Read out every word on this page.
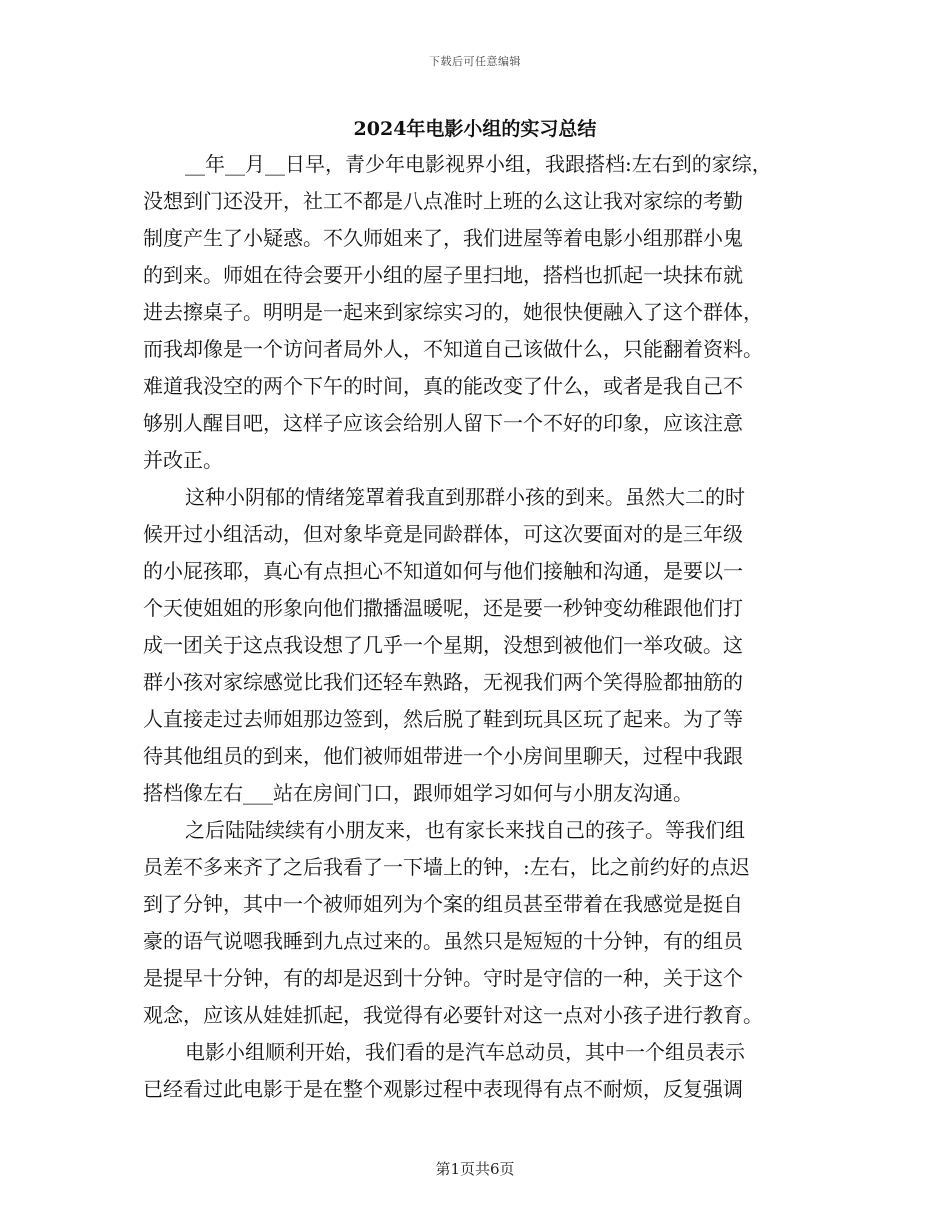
下载后可任意编辑
2024年电影小组的实习总结
__年__月__日早，青少年电影视界小组，我跟搭档:左右到的家综，
没想到门还没开，社工不都是八点准时上班的么这让我对家综的考勤
制度产生了小疑惑。不久师姐来了，我们进屋等着电影小组那群小鬼
的到来。师姐在待会要开小组的屋子里扫地，搭档也抓起一块抹布就
进去擦桌子。明明是一起来到家综实习的，她很快便融入了这个群体，
而我却像是一个访问者局外人，不知道自己该做什么，只能翻着资料。
难道我没空的两个下午的时间，真的能改变了什么，或者是我自己不
够别人醒目吧，这样子应该会给别人留下一个不好的印象，应该注意
并改正。
这种小阴郁的情绪笼罩着我直到那群小孩的到来。虽然大二的时
候开过小组活动，但对象毕竟是同龄群体，可这次要面对的是三年级
的小屁孩耶，真心有点担心不知道如何与他们接触和沟通，是要以一
个天使姐姐的形象向他们撒播温暖呢，还是要一秒钟变幼稚跟他们打
成一团关于这点我设想了几乎一个星期，没想到被他们一举攻破。这
群小孩对家综感觉比我们还轻车熟路，无视我们两个笑得脸都抽筋的
人直接走过去师姐那边签到，然后脱了鞋到玩具区玩了起来。为了等
待其他组员的到来，他们被师姐带进一个小房间里聊天，过程中我跟
搭档像左右___站在房间门口，跟师姐学习如何与小朋友沟通。
之后陆陆续续有小朋友来，也有家长来找自己的孩子。等我们组
员差不多来齐了之后我看了一下墙上的钟，:左右，比之前约好的点迟
到了分钟，其中一个被师姐列为个案的组员甚至带着在我感觉是挺自
豪的语气说嗯我睡到九点过来的。虽然只是短短的十分钟，有的组员
是提早十分钟，有的却是迟到十分钟。守时是守信的一种，关于这个
观念，应该从娃娃抓起，我觉得有必要针对这一点对小孩子进行教育。
电影小组顺利开始，我们看的是汽车总动员，其中一个组员表示
已经看过此电影于是在整个观影过程中表现得有点不耐烦，反复强调
第1页共6页
